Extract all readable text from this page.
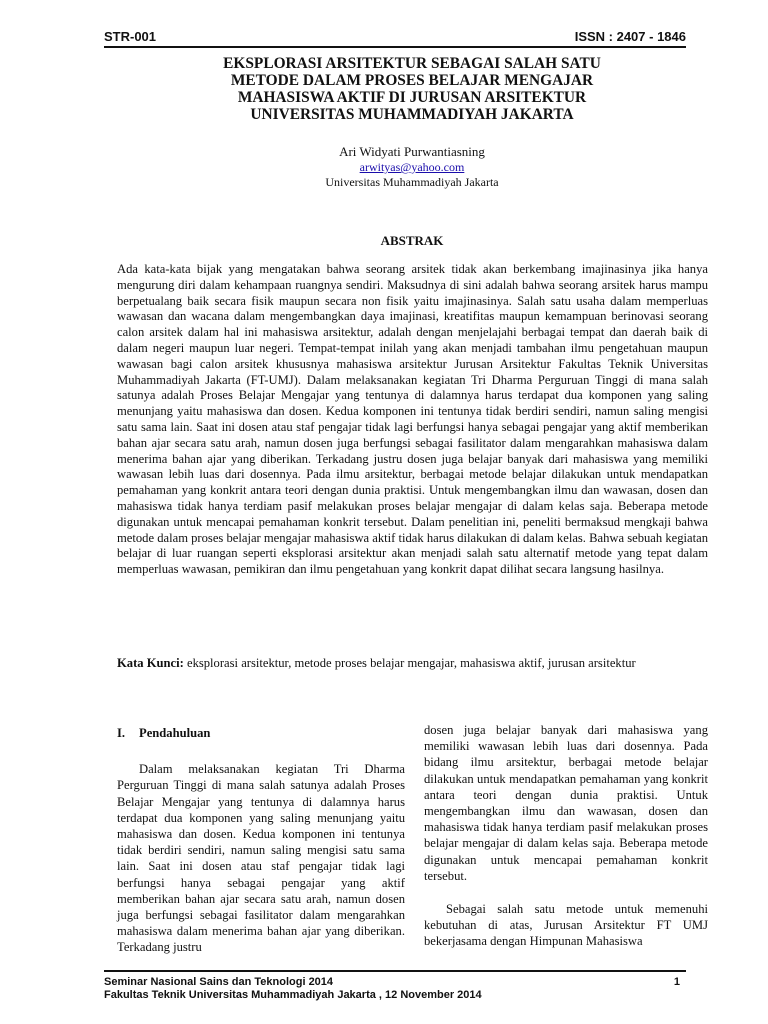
STR-001	ISSN : 2407 - 1846
EKSPLORASI ARSITEKTUR SEBAGAI SALAH SATU
METODE DALAM PROSES BELAJAR MENGAJAR
MAHASISWA AKTIF DI JURUSAN ARSITEKTUR
UNIVERSITAS MUHAMMADIYAH JAKARTA
Ari Widyati Purwantiasning
arwityas@yahoo.com
Universitas Muhammadiyah Jakarta
ABSTRAK
Ada kata-kata bijak yang mengatakan bahwa seorang arsitek tidak akan berkembang imajinasinya jika hanya mengurung diri dalam kehampaan ruangnya sendiri. Maksudnya di sini adalah bahwa seorang arsitek harus mampu berpetualang baik secara fisik maupun secara non fisik yaitu imajinasinya. Salah satu usaha dalam memperluas wawasan dan wacana dalam mengembangkan daya imajinasi, kreatifitas maupun kemampuan berinovasi seorang calon arsitek dalam hal ini mahasiswa arsitektur, adalah dengan menjelajahi berbagai tempat dan daerah baik di dalam negeri maupun luar negeri. Tempat-tempat inilah yang akan menjadi tambahan ilmu pengetahuan maupun wawasan bagi calon arsitek khususnya mahasiswa arsitektur Jurusan Arsitektur Fakultas Teknik Universitas Muhammadiyah Jakarta (FT-UMJ). Dalam melaksanakan kegiatan Tri Dharma Perguruan Tinggi di mana salah satunya adalah Proses Belajar Mengajar yang tentunya di dalamnya harus terdapat dua komponen yang saling menunjang yaitu mahasiswa dan dosen. Kedua komponen ini tentunya tidak berdiri sendiri, namun saling mengisi satu sama lain. Saat ini dosen atau staf pengajar tidak lagi berfungsi hanya sebagai pengajar yang aktif memberikan bahan ajar secara satu arah, namun dosen juga berfungsi sebagai fasilitator dalam mengarahkan mahasiswa dalam menerima bahan ajar yang diberikan. Terkadang justru dosen juga belajar banyak dari mahasiswa yang memiliki wawasan lebih luas dari dosennya. Pada ilmu arsitektur, berbagai metode belajar dilakukan untuk mendapatkan pemahaman yang konkrit antara teori dengan dunia praktisi. Untuk mengembangkan ilmu dan wawasan, dosen dan mahasiswa tidak hanya terdiam pasif melakukan proses belajar mengajar di dalam kelas saja. Beberapa metode digunakan untuk mencapai pemahaman konkrit tersebut. Dalam penelitian ini, peneliti bermaksud mengkaji bahwa metode dalam proses belajar mengajar mahasiswa aktif tidak harus dilakukan di dalam kelas. Bahwa sebuah kegiatan belajar di luar ruangan seperti eksplorasi arsitektur akan menjadi salah satu alternatif metode yang tepat dalam memperluas wawasan, pemikiran dan ilmu pengetahuan yang konkrit dapat dilihat secara langsung hasilnya.
Kata Kunci: eksplorasi arsitektur, metode proses belajar mengajar, mahasiswa aktif, jurusan arsitektur
I. Pendahuluan

Dalam melaksanakan kegiatan Tri Dharma Perguruan Tinggi di mana salah satunya adalah Proses Belajar Mengajar yang tentunya di dalamnya harus terdapat dua komponen yang saling menunjang yaitu mahasiswa dan dosen. Kedua komponen ini tentunya tidak berdiri sendiri, namun saling mengisi satu sama lain. Saat ini dosen atau staf pengajar tidak lagi berfungsi hanya sebagai pengajar yang aktif memberikan bahan ajar secara satu arah, namun dosen juga berfungsi sebagai fasilitator dalam mengarahkan mahasiswa dalam menerima bahan ajar yang diberikan. Terkadang justru

dosen juga belajar banyak dari mahasiswa yang memiliki wawasan lebih luas dari dosennya. Pada bidang ilmu arsitektur, berbagai metode belajar dilakukan untuk mendapatkan pemahaman yang konkrit antara teori dengan dunia praktisi. Untuk mengembangkan ilmu dan wawasan, dosen dan mahasiswa tidak hanya terdiam pasif melakukan proses belajar mengajar di dalam kelas saja. Beberapa metode digunakan untuk mencapai pemahaman konkrit tersebut.

Sebagai salah satu metode untuk memenuhi kebutuhan di atas, Jurusan Arsitektur FT UMJ bekerjasama dengan Himpunan Mahasiswa

Seminar Nasional Sains dan Teknologi 2014
Fakultas Teknik Universitas Muhammadiyah Jakarta , 12 November 2014
1
